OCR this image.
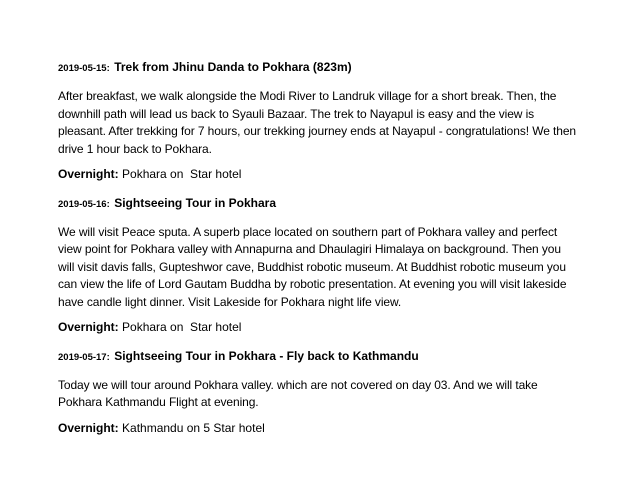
2019-05-15: Trek from Jhinu Danda to Pokhara (823m)

After breakfast, we walk alongside the Modi River to Landruk village for a short break. Then, the downhill path will lead us back to Syauli Bazaar. The trek to Nayapul is easy and the view is pleasant. After trekking for 7 hours, our trekking journey ends at Nayapul - congratulations! We then drive 1 hour back to Pokhara.

Overnight: Pokhara on  Star hotel

2019-05-16: Sightseeing Tour in Pokhara

We will visit Peace sputa. A superb place located on southern part of Pokhara valley and perfect view point for Pokhara valley with Annapurna and Dhaulagiri Himalaya on background. Then you will visit davis falls, Gupteshwor cave, Buddhist robotic museum. At Buddhist robotic museum you can view the life of Lord Gautam Buddha by robotic presentation. At evening you will visit lakeside have candle light dinner. Visit Lakeside for Pokhara night life view.

Overnight: Pokhara on  Star hotel

2019-05-17: Sightseeing Tour in Pokhara - Fly back to Kathmandu

Today we will tour around Pokhara valley. which are not covered on day 03. And we will take Pokhara Kathmandu Flight at evening.

Overnight: Kathmandu on 5 Star hotel
